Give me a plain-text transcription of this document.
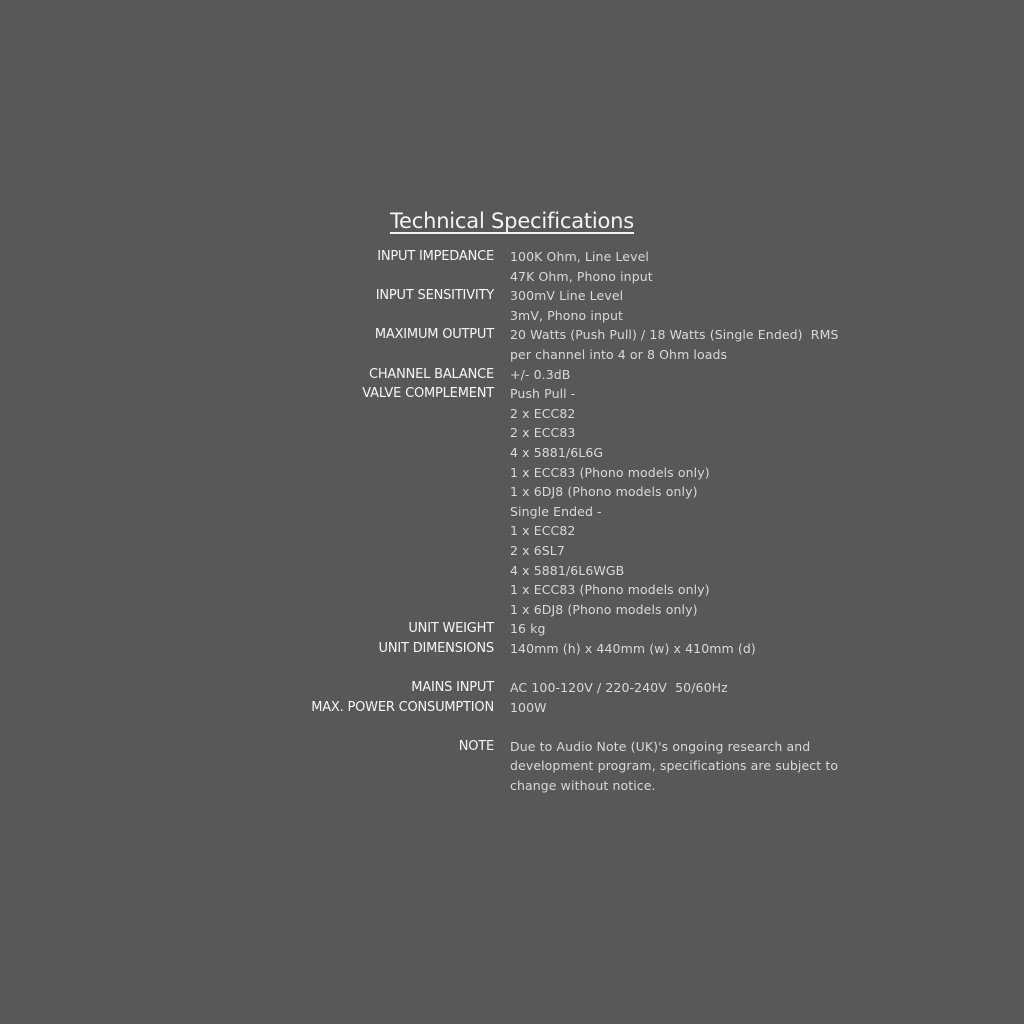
Technical Specifications
INPUT IMPEDANCE 100K Ohm, Line Level
47K Ohm, Phono input
INPUT SENSITIVITY 300mV Line Level
3mV, Phono input
MAXIMUM OUTPUT 20 Watts (Push Pull) / 18 Watts (Single Ended)  RMS
per channel into 4 or 8 Ohm loads
CHANNEL BALANCE +/- 0.3dB
VALVE COMPLEMENT Push Pull -
2 x ECC82
2 x ECC83
4 x 5881/6L6G
1 x ECC83 (Phono models only)
1 x 6DJ8 (Phono models only)
Single Ended -
1 x ECC82
2 x 6SL7
4 x 5881/6L6WGB
1 x ECC83 (Phono models only)
1 x 6DJ8 (Phono models only)
UNIT WEIGHT 16 kg
UNIT DIMENSIONS 140mm (h) x 440mm (w) x 410mm (d)
MAINS INPUT AC 100-120V / 220-240V  50/60Hz
MAX. POWER CONSUMPTION 100W
NOTE Due to Audio Note (UK)'s ongoing research and
development program, specifications are subject to
change without notice.
